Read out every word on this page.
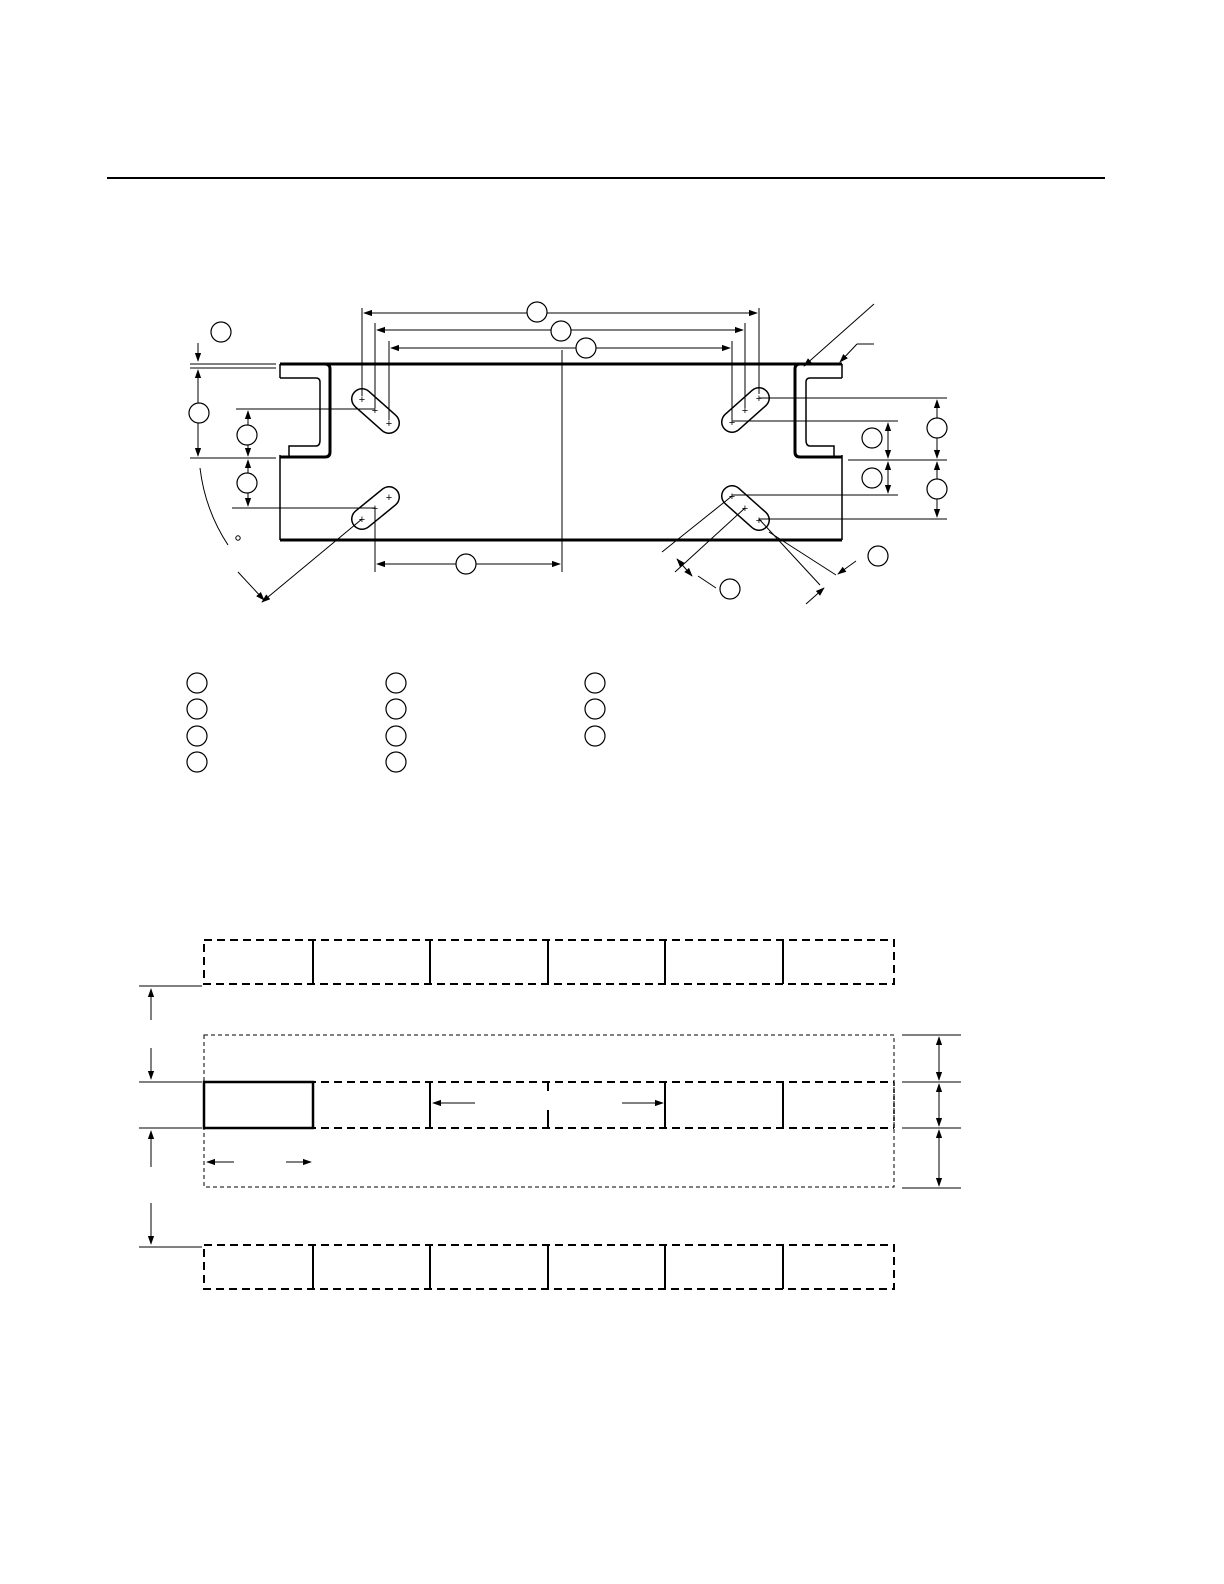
+
+
+
+
+
+
+
+
+
+
+
+
